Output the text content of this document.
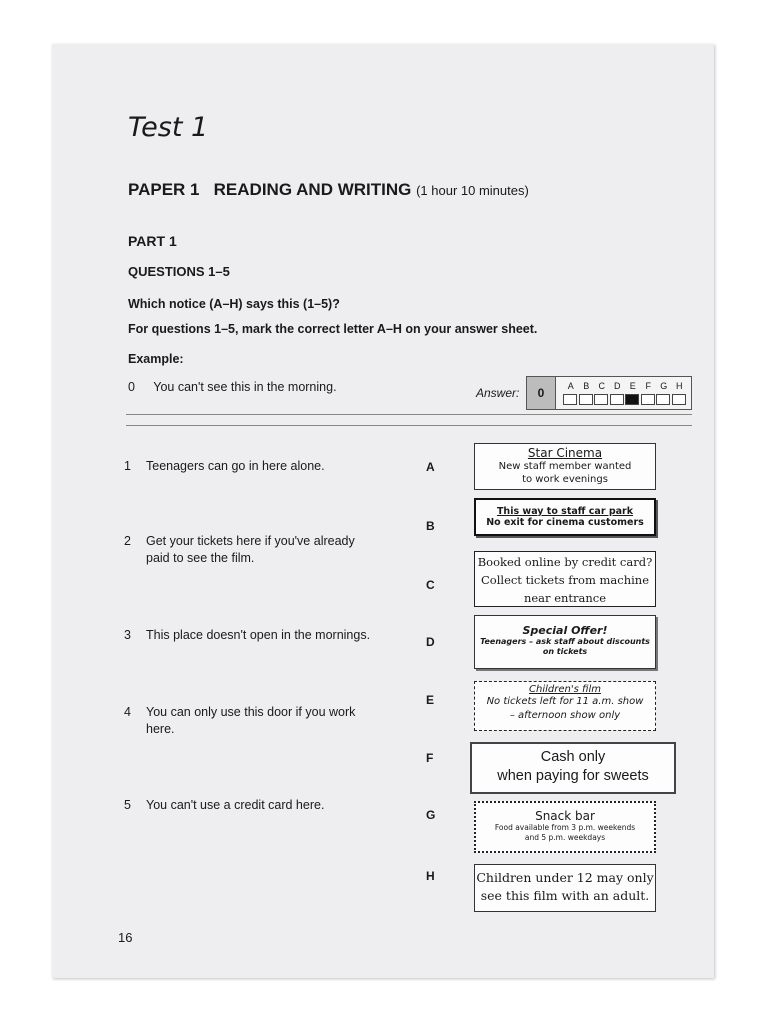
Test 1
PAPER 1   READING AND WRITING (1 hour 10 minutes)
PART 1
QUESTIONS 1–5
Which notice (A–H) says this (1–5)?
For questions 1–5, mark the correct letter A–H on your answer sheet.
Example:
0 You can't see this in the morning.	Answer:	0	A B C D E F G H
1 Teenagers can go in here alone.
2 Get your tickets here if you've already
paid to see the film.
3 This place doesn't open in the mornings.
4 You can only use this door if you work
here.
5 You can't use a credit card here.
A
B
C
D
E
F
G
H
Star Cinema
New staff member wanted
to work evenings
This way to staff car park
No exit for cinema customers
Booked online by credit card?
Collect tickets from machine
near entrance
Special Offer!
Teenagers – ask staff about discounts
on tickets
Children's film
No tickets left for 11 a.m. show
– afternoon show only
Cash only
when paying for sweets
Snack bar
Food available from 3 p.m. weekends
and 5 p.m. weekdays
Children under 12 may only
see this film with an adult.
16
